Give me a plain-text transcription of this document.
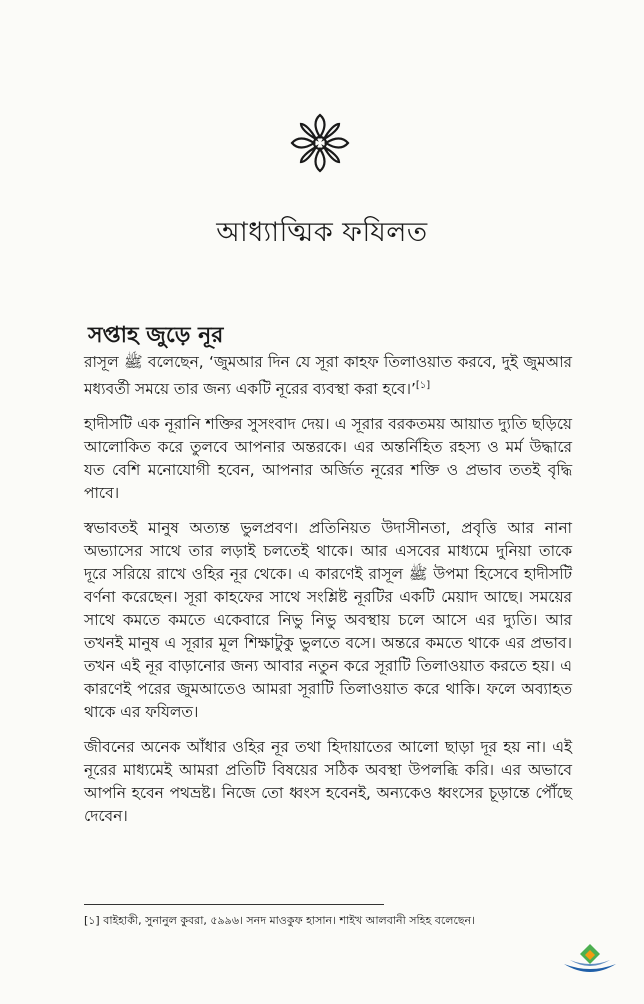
আধ্যাত্মিক ফযিলত
সপ্তাহ জুড়ে নূর

রাসূল ﷺ বলেছেন, ‘জুমআর দিন যে সূরা কাহফ তিলাওয়াত করবে, দুই জুমআর মধ্যবর্তী সময়ে তার জন্য একটি নূরের ব্যবস্থা করা হবে।’[১]

হাদীসটি এক নূরানি শক্তির সুসংবাদ দেয়। এ সূরার বরকতময় আয়াত দ্যুতি ছড়িয়ে আলোকিত করে তুলবে আপনার অন্তরকে। এর অন্তর্নিহিত রহস্য ও মর্ম উদ্ধারে যত বেশি মনোযোগী হবেন, আপনার অর্জিত নূরের শক্তি ও প্রভাব ততই বৃদ্ধি পাবে।

স্বভাবতই মানুষ অত্যন্ত ভুলপ্রবণ। প্রতিনিয়ত উদাসীনতা, প্রবৃত্তি আর নানা অভ্যাসের সাথে তার লড়াই চলতেই থাকে। আর এসবের মাধ্যমে দুনিয়া তাকে দূরে সরিয়ে রাখে ওহির নূর থেকে। এ কারণেই রাসূল ﷺ উপমা হিসেবে হাদীসটি বর্ণনা করেছেন। সূরা কাহফের সাথে সংশ্লিষ্ট নূরটির একটি মেয়াদ আছে। সময়ের সাথে কমতে কমতে একেবারে নিভু নিভু অবস্থায় চলে আসে এর দ্যুতি। আর তখনই মানুষ এ সূরার মূল শিক্ষাটুকু ভুলতে বসে। অন্তরে কমতে থাকে এর প্রভাব। তখন এই নূর বাড়ানোর জন্য আবার নতুন করে সূরাটি তিলাওয়াত করতে হয়। এ কারণেই পরের জুমআতেও আমরা সূরাটি তিলাওয়াত করে থাকি। ফলে অব্যাহত থাকে এর ফযিলত।

জীবনের অনেক আঁধার ওহির নূর তথা হিদায়াতের আলো ছাড়া দূর হয় না। এই নূরের মাধ্যমেই আমরা প্রতিটি বিষয়ের সঠিক অবস্থা উপলব্ধি করি। এর অভাবে আপনি হবেন পথভ্রষ্ট। নিজে তো ধ্বংস হবেনই, অন্যকেও ধ্বংসের চূড়ান্তে পৌঁছে দেবেন।

[১] বাইহাকী, সুনানুল কুবরা, ৫৯৯৬। সনদ মাওকুফ হাসান। শাইখ আলবানী সহিহ বলেছেন।
